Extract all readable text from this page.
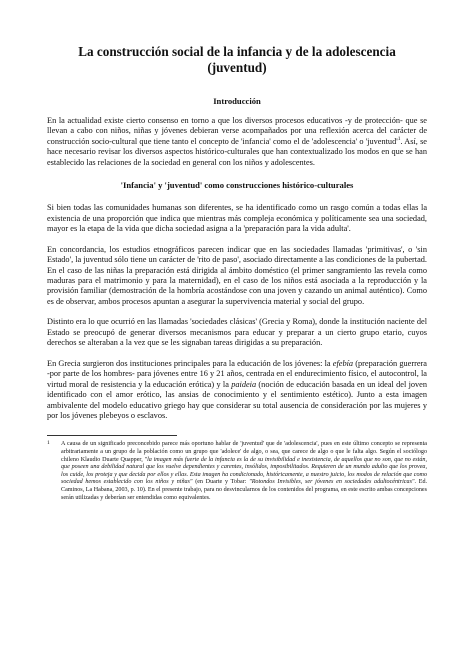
La construcción social de la infancia y de la adolescencia (juventud)
Introducción

En la actualidad existe cierto consenso en torno a que los diversos procesos educativos -y de protección- que se llevan a cabo con niños, niñas y jóvenes debieran verse acompañados por una reflexión acerca del carácter de construcción socio-cultural que tiene tanto el concepto de 'infancia' como el de 'adolescencia' o '$juventud'^1$. Así, se hace necesario revisar los diversos aspectos histórico-culturales que han contextualizado los modos en que se han establecido las relaciones de la sociedad en general con los niños y adolescentes.

'Infancia' y 'juventud' como construcciones histórico-culturales

Si bien todas las comunidades humanas son diferentes, se ha identificado como un rasgo común a todas ellas la existencia de una proporción que indica que mientras más compleja económica y políticamente sea una sociedad, mayor es la etapa de la vida que dicha sociedad asigna a la 'preparación para la vida adulta'.

En concordancia, los estudios etnográficos parecen indicar que en las sociedades llamadas 'primitivas', o 'sin Estado', la juventud sólo tiene un carácter de 'rito de paso', asociado directamente a las condiciones de la pubertad. En el caso de las niñas la preparación está dirigida al ámbito doméstico (el primer sangramiento las revela como maduras para el matrimonio y para la maternidad), en el caso de los niños está asociada a la reproducción y la provisión familiar (demostración de la hombría acostándose con una joven y cazando un animal auténtico). Como es de observar, ambos procesos apuntan a asegurar la supervivencia material y social del grupo.

Distinto era lo que ocurrió en las llamadas 'sociedades clásicas' (Grecia y Roma), donde la institución naciente del Estado se preocupó de generar diversos mecanismos para educar y preparar a un cierto grupo etario, cuyos derechos se alteraban a la vez que se les signaban tareas dirigidas a su preparación.

En Grecia surgieron dos instituciones principales para la educación de los jóvenes: la efebía (preparación guerrera -por parte de los hombres- para jóvenes entre 16 y 21 años, centrada en el endurecimiento físico, el autocontrol, la virtud moral de resistencia y la educación erótica) y la paideia (noción de educación basada en un ideal del joven identificado con el amor erótico, las ansias de conocimiento y el sentimiento estético). Junto a esta imagen ambivalente del modelo educativo griego hay que considerar su total ausencia de consideración por las mujeres y por los jóvenes plebeyos o esclavos.

1 A causa de un significado preconcebido parece más oportuno hablar de 'juventud' que de 'adolescencia', pues en este último concepto se representa arbitrariamente a un grupo de la población como un grupo que 'adolece' de algo, o sea, que carece de algo o que le falta algo. Según el sociólogo chileno Klaudio Duarte Quapper, "la imagen más fuerte de la infancia es la de su invisibilidad e inexistencia, de aquellos que no son, que no están, que poseen una debilidad natural que los vuelve dependientes y carentes, insólidos, imposibilitados. Requieren de un mundo adulto que los provea, los cuide, los proteja y que decida por ellos y ellas. Esta imagen ha condicionado, históricamente, a nuestro juicio, los modos de relación que como sociedad hemos establecido con los niños y niñas" (en Duarte y Tobar: "Rotondos Invisibles, ser jóvenes en sociedades adultocéntricas". Ed. Caminos, La Habana, 2003, p. 10). En el presente trabajo, para no desvincularnos de los contenidos del programa, en este escrito ambas concepciones serán utilizadas y deberían ser entendidas como equivalentes.
